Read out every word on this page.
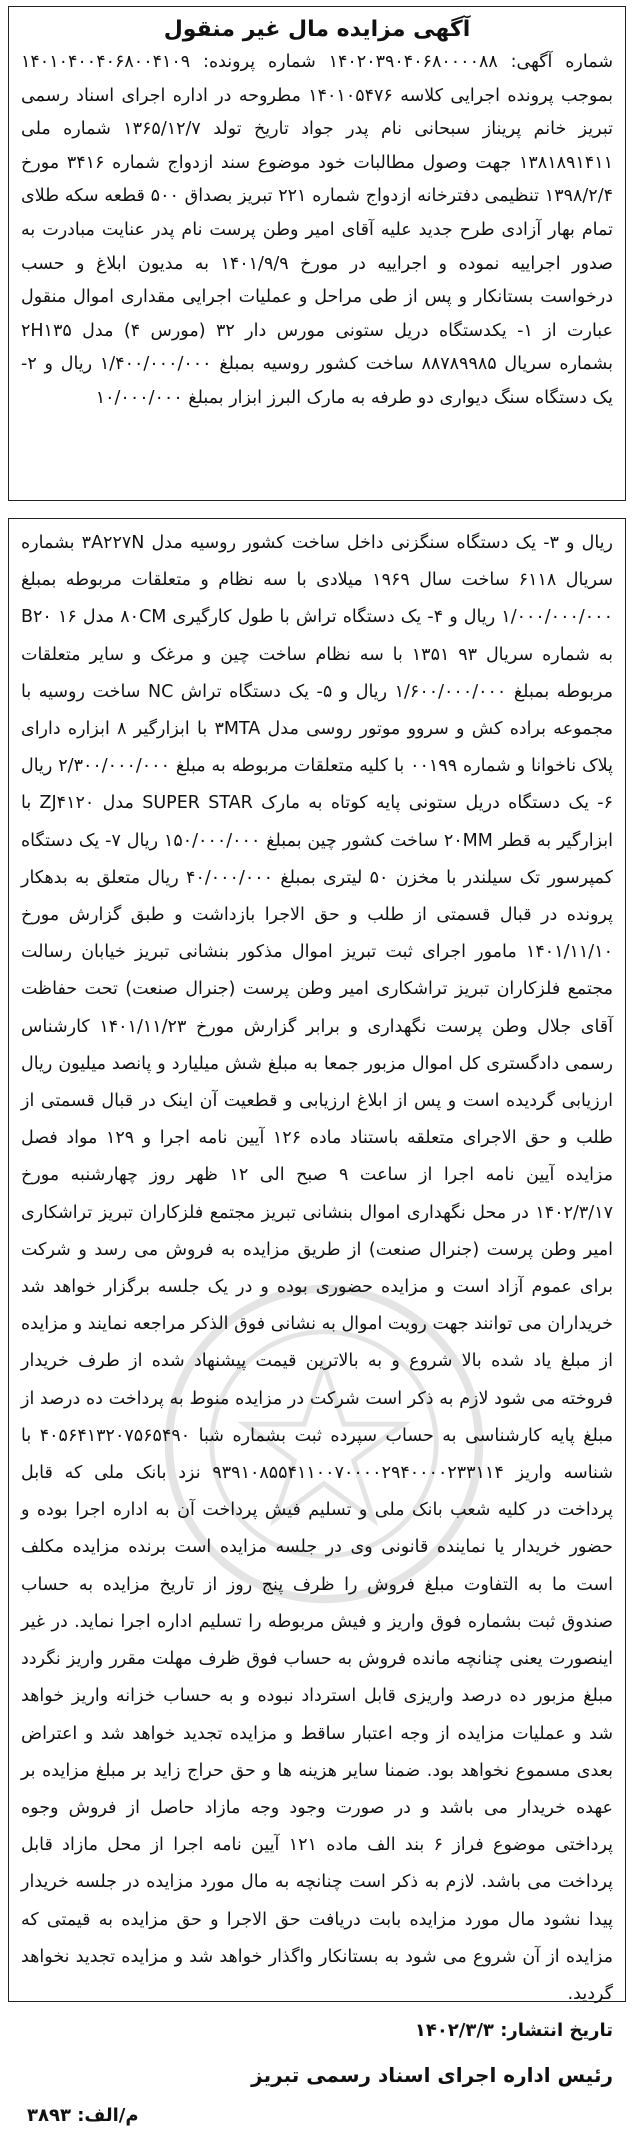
آگهی مزایده مال غیر منقول

شماره آگهی: ۱۴۰۲۰۳۹۰۴۰۶۸۰۰۰۰۸۸ شماره پرونده: ۱۴۰۱۰۴۰۰۴۰۶۸۰۰۴۱۰۹ بموجب پرونده اجرایی کلاسه ۱۴۰۱۰۵۴۷۶ مطروحه در اداره اجرای اسناد رسمی تبریز خانم پریناز سبحانی نام پدر جواد تاریخ تولد ۱۳۶۵/۱۲/۷ شماره ملی ۱۳۸۱۸۹۱۴۱۱ جهت وصول مطالبات خود موضوع سند ازدواج شماره ۳۴۱۶ مورخ ۱۳۹۸/۲/۴ تنظیمی دفترخانه ازدواج شماره ۲۲۱ تبریز بصداق ۵۰۰ قطعه سکه طلای تمام بهار آزادی طرح جدید علیه آقای امیر وطن پرست نام پدر عنایت مبادرت به صدور اجراییه نموده و اجراییه در مورخ ۱۴۰۱/۹/۹ به مدیون ابلاغ و حسب درخواست بستانکار و پس از طی مراحل و عملیات اجرایی مقداری اموال منقول عبارت از ۱- یکدستگاه دریل ستونی مورس دار ۳۲ (مورس ۴) مدل ۲H۱۳۵ بشماره سریال ۸۸۷۸۹۹۸۵ ساخت کشور روسیه بمبلغ ۱/۴۰۰/۰۰۰/۰۰۰ ریال و ۲- یک دستگاه سنگ دیواری دو طرفه به مارک البرز ابزار بمبلغ ۱۰/۰۰۰/۰۰۰

ریال و ۳- یک دستگاه سنگزنی داخل ساخت کشور روسیه مدل ۳A۲۲۷N بشماره سریال ۶۱۱۸ ساخت سال ۱۹۶۹ میلادی با سه نظام و متعلقات مربوطه بمبلغ ۱/۰۰۰/۰۰۰/۰۰۰ ریال و ۴- یک دستگاه تراش با طول کارگیری ۸۰CM مدل ۱۶ B۲۰ به شماره سریال ۹۳ ۱۳۵۱ با سه نظام ساخت چین و مرغک و سایر متعلقات مربوطه بمبلغ ۱/۶۰۰/۰۰۰/۰۰۰ ریال و ۵- یک دستگاه تراش NC ساخت روسیه با مجموعه براده کش و سروو موتور روسی مدل ۳MTA با ابزارگیر ۸ ابزاره دارای پلاک ناخوانا و شماره ۰۰۱۹۹ با کلیه متعلقات مربوطه به مبلغ ۲/۳۰۰/۰۰۰/۰۰۰ ریال ۶- یک دستگاه دریل ستونی پایه کوتاه به مارک SUPER STAR مدل ZJ۴۱۲۰ با ابزارگیر به قطر ۲۰MM ساخت کشور چین بمبلغ ۱۵۰/۰۰۰/۰۰۰ ریال ۷- یک دستگاه کمپرسور تک سیلندر با مخزن ۵۰ لیتری بمبلغ ۴۰/۰۰۰/۰۰۰ ریال متعلق به بدهکار پرونده در قبال قسمتی از طلب و حق الاجرا بازداشت و طبق گزارش مورخ ۱۴۰۱/۱۱/۱۰ مامور اجرای ثبت تبریز اموال مذکور بنشانی تبریز خیابان رسالت مجتمع فلزکاران تبریز تراشکاری امیر وطن پرست (جنرال صنعت) تحت حفاظت آقای جلال وطن پرست نگهداری و برابر گزارش مورخ ۱۴۰۱/۱۱/۲۳ کارشناس رسمی دادگستری کل اموال مزبور جمعا به مبلغ شش میلیارد و پانصد میلیون ریال ارزیابی گردیده است و پس از ابلاغ ارزیابی و قطعیت آن اینک در قبال قسمتی از طلب و حق الاجرای متعلقه باستناد ماده ۱۲۶ آیین نامه اجرا و ۱۲۹ مواد فصل مزایده آیین نامه اجرا از ساعت ۹ صبح الی ۱۲ ظهر روز چهارشنبه مورخ ۱۴۰۲/۳/۱۷ در محل نگهداری اموال بنشانی تبریز مجتمع فلزکاران تبریز تراشکاری امیر وطن پرست (جنرال صنعت) از طریق مزایده به فروش می رسد و شرکت برای عموم آزاد است و مزایده حضوری بوده و در یک جلسه برگزار خواهد شد خریداران می توانند جهت رویت اموال به نشانی فوق الذکر مراجعه نمایند و مزایده از مبلغ یاد شده بالا شروع و به بالاترین قیمت پیشنهاد شده از طرف خریدار فروخته می شود لازم به ذکر است شرکت در مزایده منوط به پرداخت ده درصد از مبلغ پایه کارشناسی به حساب سپرده ثبت بشماره شبا ۴۰۵۶۴۱۳۲۰۷۵۶۵۴۹۰ با شناسه واریز ۹۳۹۱۰۸۵۵۴۱۱۰۰۷۰۰۰۰۲۹۴۰۰۰۰۲۳۳۱۱۴ نزد بانک ملی که قابل پرداخت در کلیه شعب بانک ملی و تسلیم فیش پرداخت آن به اداره اجرا بوده و حضور خریدار یا نماینده قانونی وی در جلسه مزایده است برنده مزایده مکلف است ما به التفاوت مبلغ فروش را ظرف پنج روز از تاریخ مزایده به حساب صندوق ثبت بشماره فوق واریز و فیش مربوطه را تسلیم اداره اجرا نماید. در غیر اینصورت یعنی چنانچه مانده فروش به حساب فوق ظرف مهلت مقرر واریز نگردد مبلغ مزبور ده درصد واریزی قابل استرداد نبوده و به حساب خزانه واریز خواهد شد و عملیات مزایده از وجه اعتبار ساقط و مزایده تجدید خواهد شد و اعتراض بعدی مسموع نخواهد بود. ضمنا سایر هزینه ها و حق حراج زاید بر مبلغ مزایده بر عهده خریدار می باشد و در صورت وجود وجه مازاد حاصل از فروش وجوه پرداختی موضوع فراز ۶ بند الف ماده ۱۲۱ آیین نامه اجرا از محل مازاد قابل پرداخت می باشد. لازم به ذکر است چنانچه به مال مورد مزایده در جلسه خریدار پیدا نشود مال مورد مزایده بابت دریافت حق الاجرا و حق مزایده به قیمتی که مزایده از آن شروع می شود به بستانکار واگذار خواهد شد و مزایده تجدید نخواهد گردید.

تاریخ انتشار: ۱۴۰۲/۳/۳

رئیس اداره اجرای اسناد رسمی تبریز

م/الف: ۳۸۹۳
